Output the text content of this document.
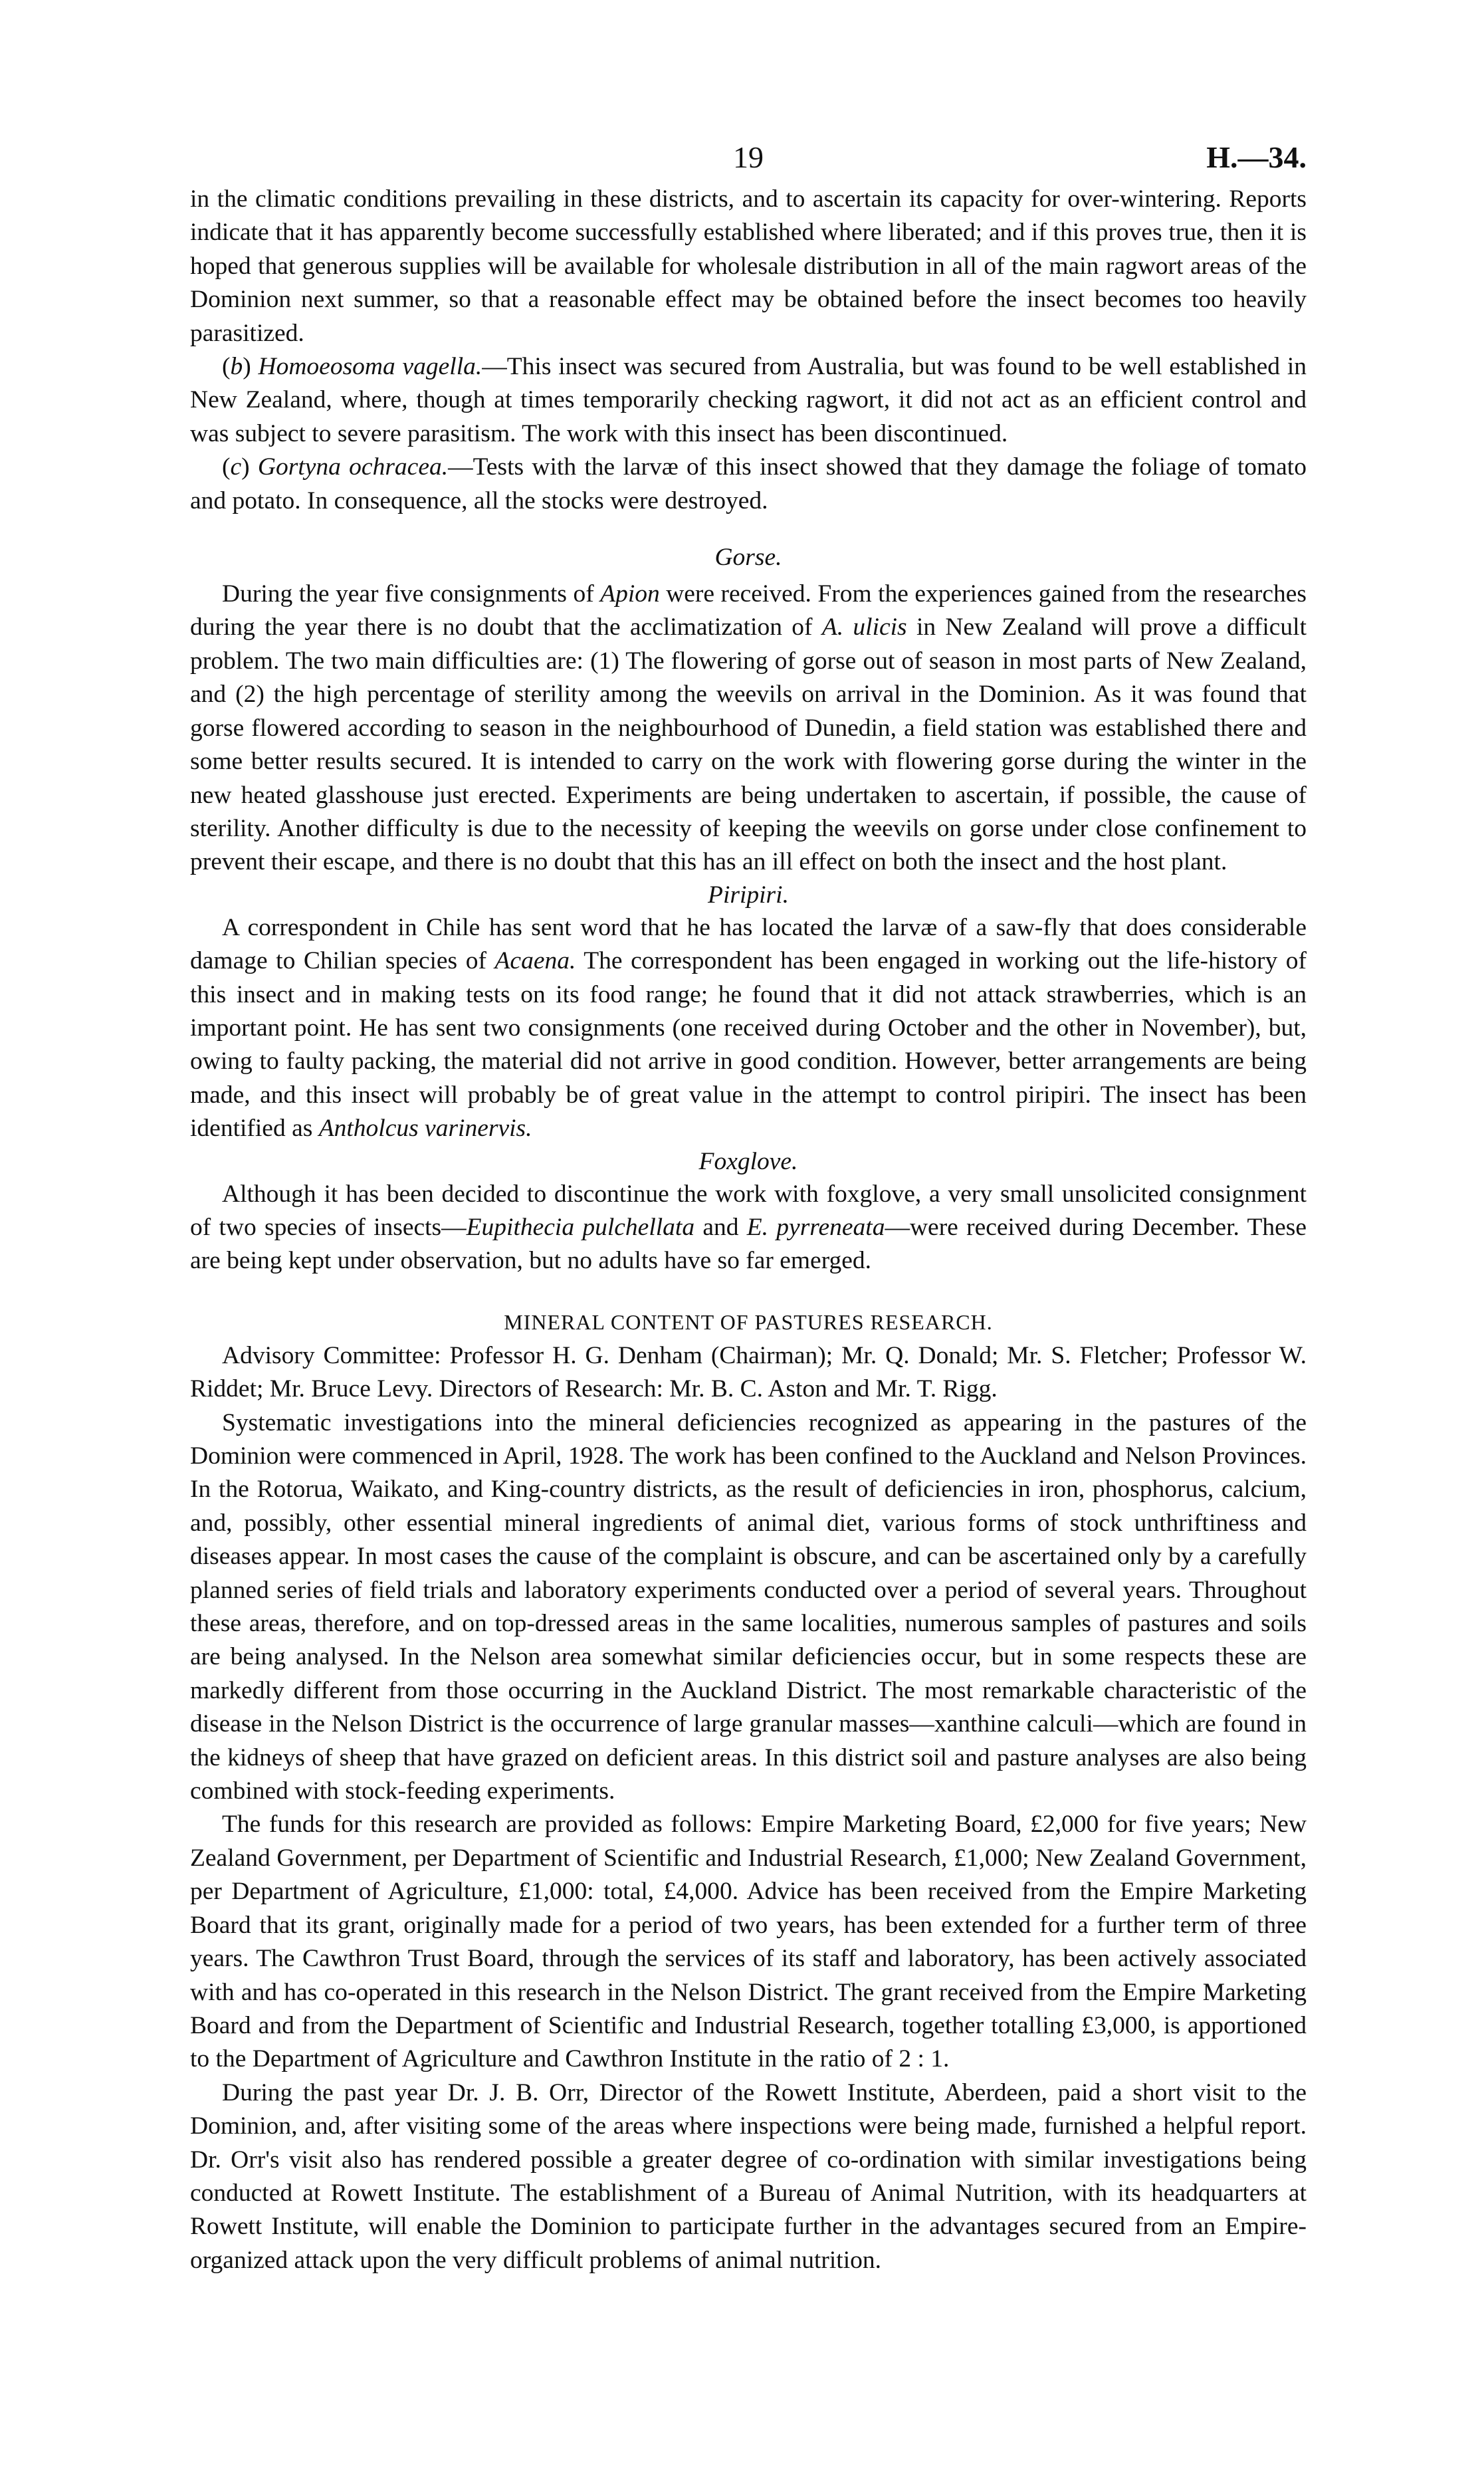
19	H.—34.

in the climatic conditions prevailing in these districts, and to ascertain its capacity for over-wintering. Reports indicate that it has apparently become successfully established where liberated; and if this proves true, then it is hoped that generous supplies will be available for wholesale distribution in all of the main ragwort areas of the Dominion next summer, so that a reasonable effect may be obtained before the insect becomes too heavily parasitized.

(b) Homoeosoma vagella.—This insect was secured from Australia, but was found to be well established in New Zealand, where, though at times temporarily checking ragwort, it did not act as an efficient control and was subject to severe parasitism. The work with this insect has been discontinued.

(c) Gortyna ochracea.—Tests with the larvæ of this insect showed that they damage the foliage of tomato and potato. In consequence, all the stocks were destroyed.

Gorse.

During the year five consignments of Apion were received. From the experiences gained from the researches during the year there is no doubt that the acclimatization of A. ulicis in New Zealand will prove a difficult problem. The two main difficulties are: (1) The flowering of gorse out of season in most parts of New Zealand, and (2) the high percentage of sterility among the weevils on arrival in the Dominion. As it was found that gorse flowered according to season in the neighbourhood of Dunedin, a field station was established there and some better results secured. It is intended to carry on the work with flowering gorse during the winter in the new heated glasshouse just erected. Experiments are being undertaken to ascertain, if possible, the cause of sterility. Another difficulty is due to the necessity of keeping the weevils on gorse under close confinement to prevent their escape, and there is no doubt that this has an ill effect on both the insect and the host plant.

Piripiri.

A correspondent in Chile has sent word that he has located the larvæ of a saw-fly that does considerable damage to Chilian species of Acaena. The correspondent has been engaged in working out the life-history of this insect and in making tests on its food range; he found that it did not attack strawberries, which is an important point. He has sent two consignments (one received during October and the other in November), but, owing to faulty packing, the material did not arrive in good condition. However, better arrangements are being made, and this insect will probably be of great value in the attempt to control piripiri. The insect has been identified as Antholcus varinervis.

Foxglove.

Although it has been decided to discontinue the work with foxglove, a very small unsolicited consignment of two species of insects—Eupithecia pulchellata and E. pyrreneata—were received during December. These are being kept under observation, but no adults have so far emerged.

MINERAL CONTENT OF PASTURES RESEARCH.

Advisory Committee: Professor H. G. Denham (Chairman); Mr. Q. Donald; Mr. S. Fletcher; Professor W. Riddet; Mr. Bruce Levy. Directors of Research: Mr. B. C. Aston and Mr. T. Rigg.

Systematic investigations into the mineral deficiencies recognized as appearing in the pastures of the Dominion were commenced in April, 1928. The work has been confined to the Auckland and Nelson Provinces. In the Rotorua, Waikato, and King-country districts, as the result of deficiencies in iron, phosphorus, calcium, and, possibly, other essential mineral ingredients of animal diet, various forms of stock unthriftiness and diseases appear. In most cases the cause of the complaint is obscure, and can be ascertained only by a carefully planned series of field trials and laboratory experiments conducted over a period of several years. Throughout these areas, therefore, and on top-dressed areas in the same localities, numerous samples of pastures and soils are being analysed. In the Nelson area somewhat similar deficiencies occur, but in some respects these are markedly different from those occurring in the Auckland District. The most remarkable characteristic of the disease in the Nelson District is the occurrence of large granular masses—xanthine calculi—which are found in the kidneys of sheep that have grazed on deficient areas. In this district soil and pasture analyses are also being combined with stock-feeding experiments.

The funds for this research are provided as follows: Empire Marketing Board, £2,000 for five years; New Zealand Government, per Department of Scientific and Industrial Research, £1,000; New Zealand Government, per Department of Agriculture, £1,000: total, £4,000. Advice has been received from the Empire Marketing Board that its grant, originally made for a period of two years, has been extended for a further term of three years. The Cawthron Trust Board, through the services of its staff and laboratory, has been actively associated with and has co-operated in this research in the Nelson District. The grant received from the Empire Marketing Board and from the Department of Scientific and Industrial Research, together totalling £3,000, is apportioned to the Department of Agriculture and Cawthron Institute in the ratio of 2 : 1.

During the past year Dr. J. B. Orr, Director of the Rowett Institute, Aberdeen, paid a short visit to the Dominion, and, after visiting some of the areas where inspections were being made, furnished a helpful report. Dr. Orr's visit also has rendered possible a greater degree of co-ordination with similar investigations being conducted at Rowett Institute. The establishment of a Bureau of Animal Nutrition, with its headquarters at Rowett Institute, will enable the Dominion to participate further in the advantages secured from an Empire-organized attack upon the very difficult problems of animal nutrition.
